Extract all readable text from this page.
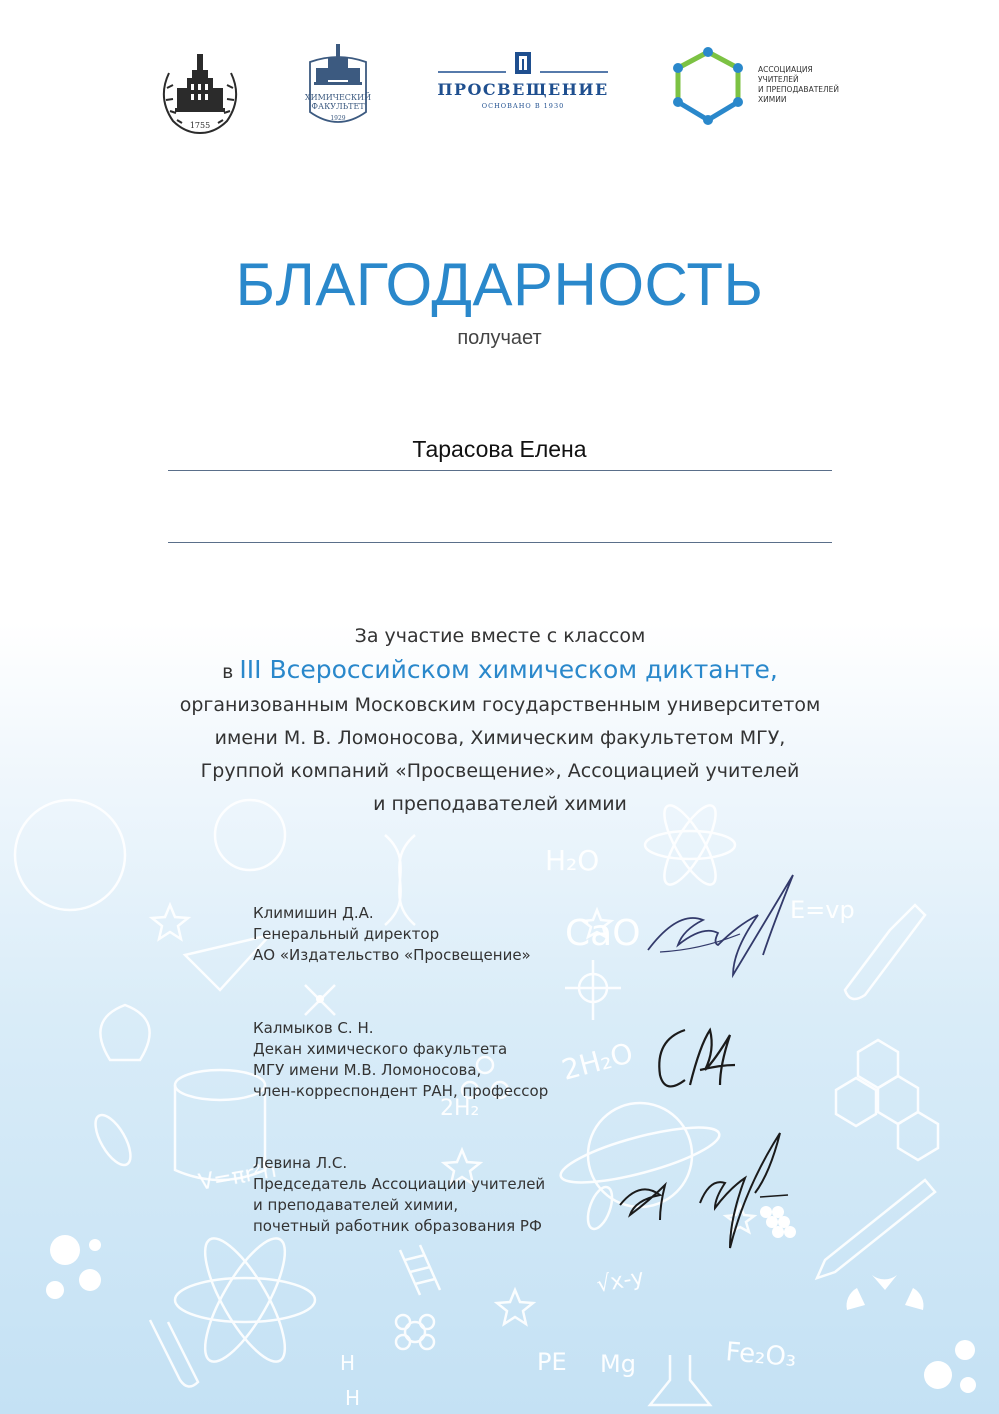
H₂O
CaO
E=vp
2H₂O
2H₂
V=πr²h
√x-y
PE Mg	Fe₂O₃
H
H
1755
ХИМИЧЕСКИЙ
ФАКУЛЬТЕТ
1929
ПРОСВЕЩЕНИЕ
ОСНОВАНО В 1930
АССОЦИАЦИЯ
УЧИТЕЛЕЙ
И ПРЕПОДАВАТЕЛЕЙ
ХИМИИ
БЛАГОДАРНОСТЬ
получает
Тарасова Елена
За участие вместе с классом
в III Всероссийском химическом диктанте,
организованным Московским государственным университетом
имени М. В. Ломоносова, Химическим факультетом МГУ,
Группой компаний «Просвещение», Ассоциацией учителей
и преподавателей химии
Климишин Д.А.
Генеральный директор
АО «Издательство «Просвещение»
Калмыков С. Н.
Декан химического факультета
МГУ имени М.В. Ломоносова,
член-корреспондент РАН, профессор
Левина Л.С.
Председатель Ассоциации учителей
и преподавателей химии,
почетный работник образования РФ
